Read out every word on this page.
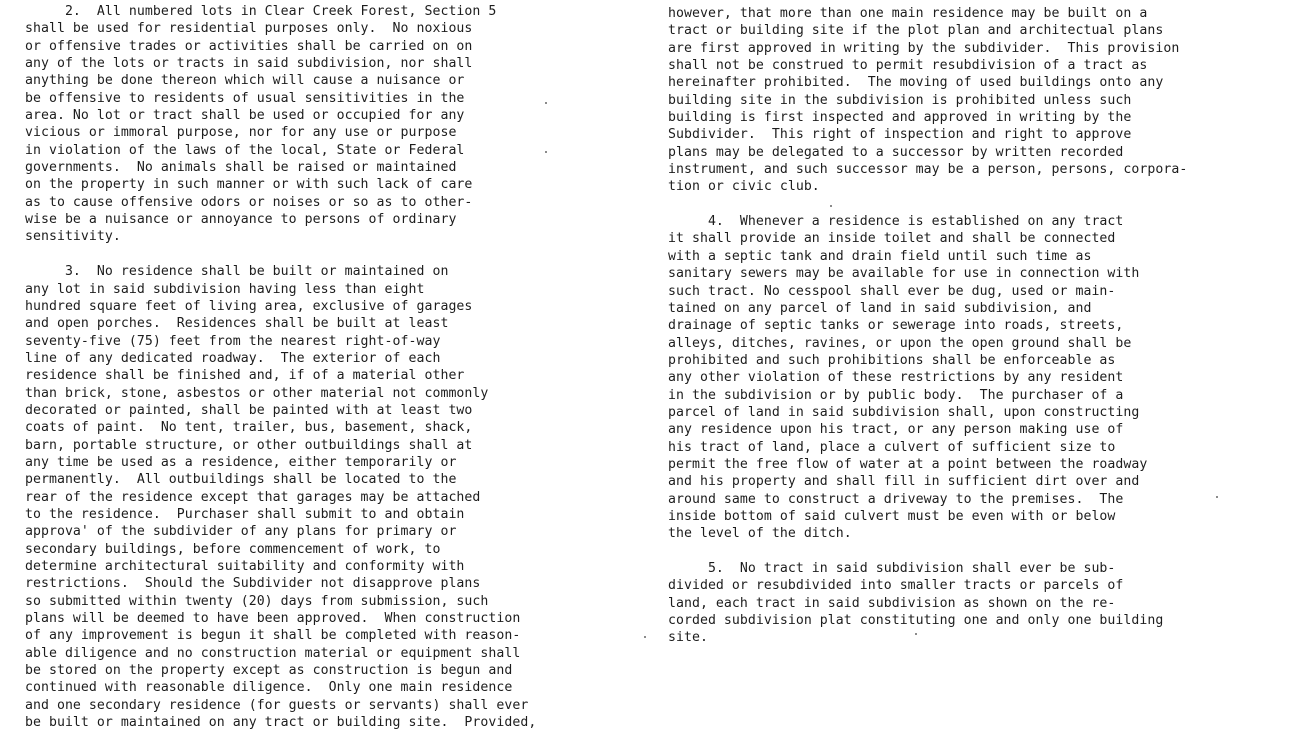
2.  All numbered lots in Clear Creek Forest, Section 5
shall be used for residential purposes only.  No noxious
or offensive trades or activities shall be carried on on
any of the lots or tracts in said subdivision, nor shall
anything be done thereon which will cause a nuisance or
be offensive to residents of usual sensitivities in the
area. No lot or tract shall be used or occupied for any
vicious or immoral purpose, nor for any use or purpose
in violation of the laws of the local, State or Federal
governments.  No animals shall be raised or maintained
on the property in such manner or with such lack of care
as to cause offensive odors or noises or so as to other-
wise be a nuisance or annoyance to persons of ordinary
sensitivity.
3.  No residence shall be built or maintained on
any lot in said subdivision having less than eight
hundred square feet of living area, exclusive of garages
and open porches.  Residences shall be built at least
seventy-five (75) feet from the nearest right-of-way
line of any dedicated roadway.  The exterior of each
residence shall be finished and, if of a material other
than brick, stone, asbestos or other material not commonly
decorated or painted, shall be painted with at least two
coats of paint.  No tent, trailer, bus, basement, shack,
barn, portable structure, or other outbuildings shall at
any time be used as a residence, either temporarily or
permanently.  All outbuildings shall be located to the
rear of the residence except that garages may be attached
to the residence.  Purchaser shall submit to and obtain
approva' of the subdivider of any plans for primary or
secondary buildings, before commencement of work, to
determine architectural suitability and conformity with
restrictions.  Should the Subdivider not disapprove plans
so submitted within twenty (20) days from submission, such
plans will be deemed to have been approved.  When construction
of any improvement is begun it shall be completed with reason-
able diligence and no construction material or equipment shall
be stored on the property except as construction is begun and
continued with reasonable diligence.  Only one main residence
and one secondary residence (for guests or servants) shall ever
be built or maintained on any tract or building site.  Provided,
however, that more than one main residence may be built on a
tract or building site if the plot plan and architectual plans
are first approved in writing by the subdivider.  This provision
shall not be construed to permit resubdivision of a tract as
hereinafter prohibited.  The moving of used buildings onto any
building site in the subdivision is prohibited unless such
building is first inspected and approved in writing by the
Subdivider.  This right of inspection and right to approve
plans may be delegated to a successor by written recorded
instrument, and such successor may be a person, persons, corpora-
tion or civic club.
4.  Whenever a residence is established on any tract
it shall provide an inside toilet and shall be connected
with a septic tank and drain field until such time as
sanitary sewers may be available for use in connection with
such tract. No cesspool shall ever be dug, used or main-
tained on any parcel of land in said subdivision, and
drainage of septic tanks or sewerage into roads, streets,
alleys, ditches, ravines, or upon the open ground shall be
prohibited and such prohibitions shall be enforceable as
any other violation of these restrictions by any resident
in the subdivision or by public body.  The purchaser of a
parcel of land in said subdivision shall, upon constructing
any residence upon his tract, or any person making use of
his tract of land, place a culvert of sufficient size to
permit the free flow of water at a point between the roadway
and his property and shall fill in sufficient dirt over and
around same to construct a driveway to the premises.  The
inside bottom of said culvert must be even with or below
the level of the ditch.
5.  No tract in said subdivision shall ever be sub-
divided or resubdivided into smaller tracts or parcels of
land, each tract in said subdivision as shown on the re-
corded subdivision plat constituting one and only one building
site.
